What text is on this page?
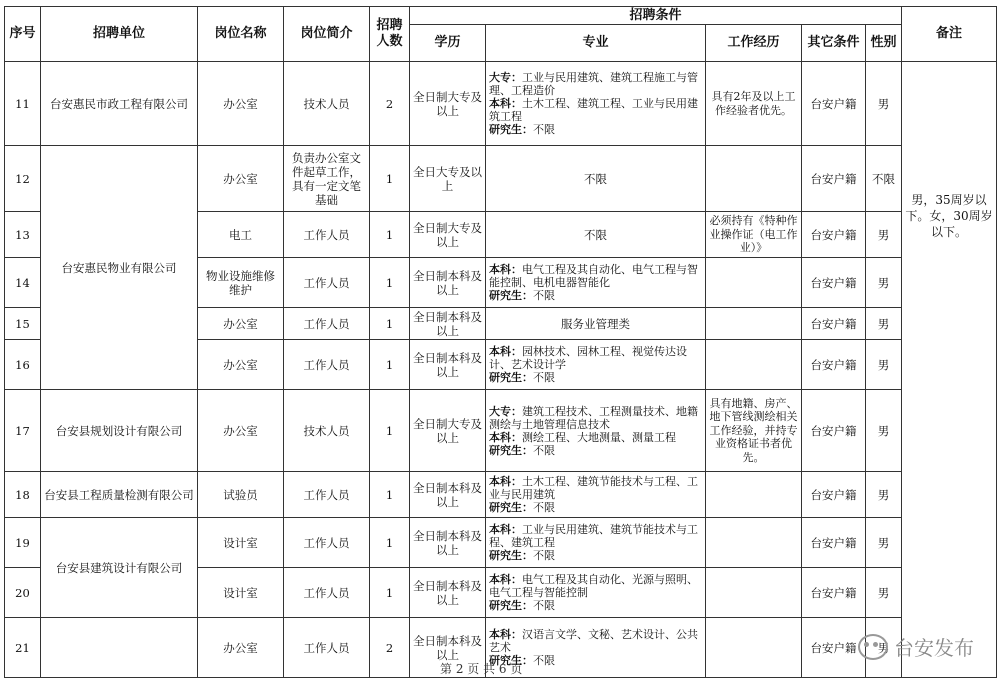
序号	招聘单位	岗位名称	岗位简介	招聘人数	招聘条件					备注
					学历	专业	工作经历	其它条件	性别	
11	台安惠民市政工程有限公司	办公室	技术人员	2	全日制大专及以上	大专：工业与民用建筑、建筑工程施工与管理、工程造价
本科：土木工程、建筑工程、工业与民用建筑工程
研究生：不限	具有2年及以上工作经验者优先。	台安户籍	男	男，35周岁以下。女，30周岁以下。
12	台安惠民物业有限公司	办公室	负责办公室文件起草工作，具有一定文笔基础	1	全日大专及以上	不限		台安户籍	不限	
13		电工	工作人员	1	全日制大专及以上	不限	必须持有《特种作业操作证（电工作业）》	台安户籍	男	
14		物业设施维修维护	工作人员	1	全日制本科及以上	本科：电气工程及其自动化、电气工程与智能控制、电机电器智能化
研究生：不限		台安户籍	男	
15		办公室	工作人员	1	全日制本科及以上	服务业管理类		台安户籍	男	
16		办公室	工作人员	1	全日制本科及以上	本科：园林技术、园林工程、视觉传达设计、艺术设计学
研究生：不限		台安户籍	男	
17	台安县规划设计有限公司	办公室	技术人员	1	全日制大专及以上	大专：建筑工程技术、工程测量技术、地籍测绘与土地管理信息技术
本科：测绘工程、大地测量、测量工程
研究生：不限	具有地籍、房产、地下管线测绘相关工作经验，并持专业资格证书者优先。	台安户籍	男	
18	台安县工程质量检测有限公司	试验员	工作人员	1	全日制本科及以上	本科：土木工程、建筑节能技术与工程、工业与民用建筑
研究生：不限		台安户籍	男	
19	台安县建筑设计有限公司	设计室	工作人员	1	全日制本科及以上	本科：工业与民用建筑、建筑节能技术与工程、建筑工程
研究生：不限		台安户籍	男	
20		设计室	工作人员	1	全日制本科及以上	本科：电气工程及其自动化、光源与照明、电气工程与智能控制
研究生：不限		台安户籍	男	
21		办公室	工作人员	2	全日制本科及以上	本科：汉语言文学、文秘、艺术设计、公共艺术
研究生：不限		台安户籍	男	
第 2 页 共 6 页
台安发布
